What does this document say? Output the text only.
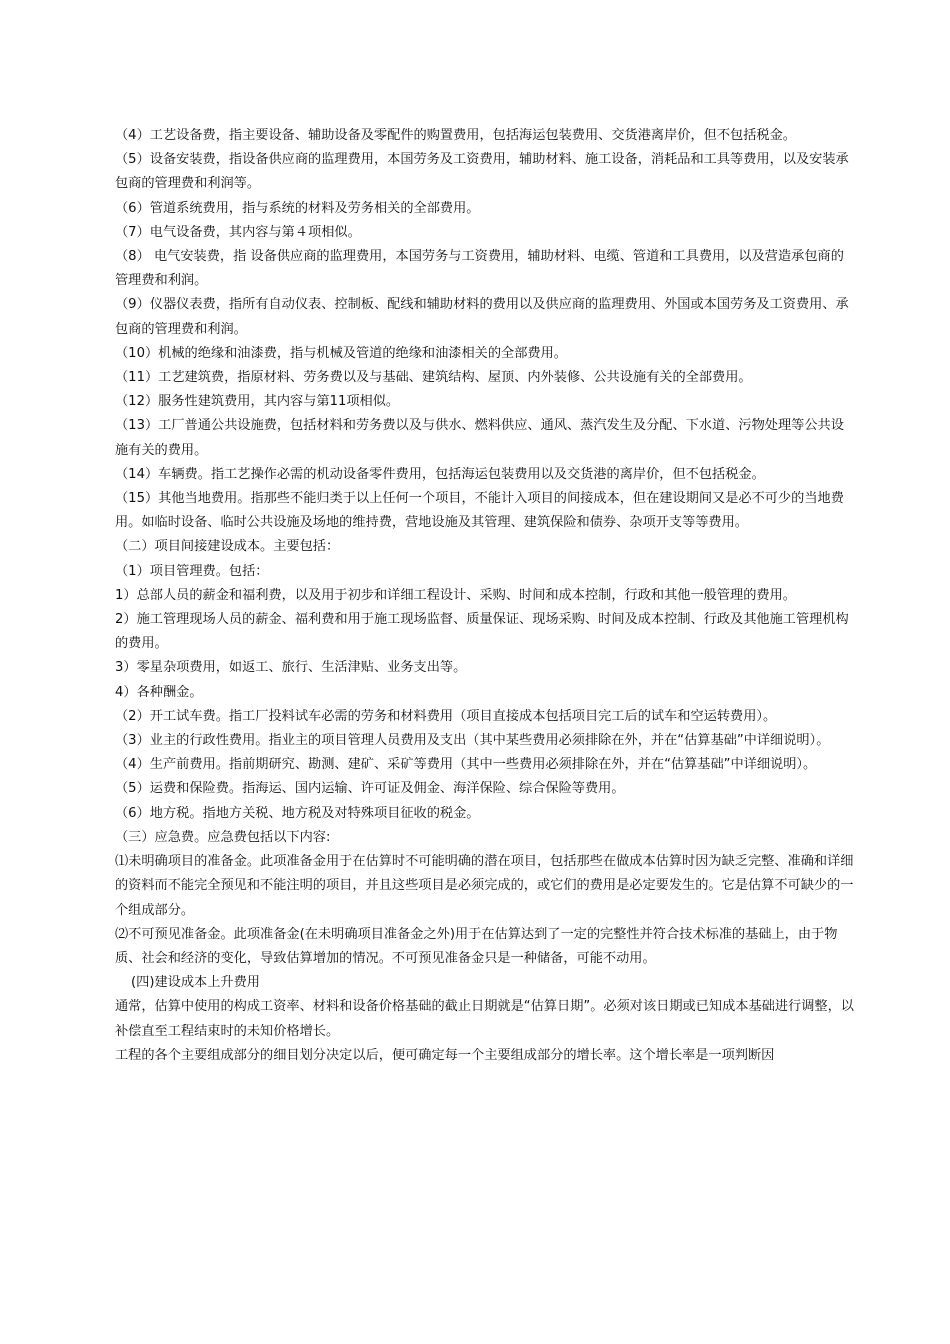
（4）工艺设备费，指主要设备、辅助设备及零配件的购置费用，包括海运包装费用、交货港离岸价，但不包括税金。

（5）设备安装费，指设备供应商的监理费用，本国劳务及工资费用，辅助材料、施工设备，消耗品和工具等费用，以及安装承包商的管理费和利润等。

（6）管道系统费用，指与系统的材料及劳务相关的全部费用。

（7）电气设备费，其内容与第４项相似。

（8） 电气安装费，指 设备供应商的监理费用，本国劳务与工资费用，辅助材料、电缆、管道和工具费用，以及营造承包商的管理费和利润。

（9）仪器仪表费，指所有自动仪表、控制板、配线和辅助材料的费用以及供应商的监理费用、外国或本国劳务及工资费用、承包商的管理费和利润。

（10）机械的绝缘和油漆费，指与机械及管道的绝缘和油漆相关的全部费用。

（11）工艺建筑费，指原材料、劳务费以及与基础、建筑结构、屋顶、内外装修、公共设施有关的全部费用。

（12）服务性建筑费用，其内容与第11项相似。

（13）工厂普通公共设施费，包括材料和劳务费以及与供水、燃料供应、通风、蒸汽发生及分配、下水道、污物处理等公共设施有关的费用。

（14）车辆费。指工艺操作必需的机动设备零件费用，包括海运包装费用以及交货港的离岸价，但不包括税金。

（15）其他当地费用。指那些不能归类于以上任何一个项目，不能计入项目的间接成本，但在建设期间又是必不可少的当地费用。如临时设备、临时公共设施及场地的维持费，营地设施及其管理、建筑保险和债券、杂项开支等等费用。

（二）项目间接建设成本。主要包括：

（1）项目管理费。包括：

1）总部人员的薪金和福利费，以及用于初步和详细工程设计、采购、时间和成本控制，行政和其他一般管理的费用。

2）施工管理现场人员的薪金、福利费和用于施工现场监督、质量保证、现场采购、时间及成本控制、行政及其他施工管理机构的费用。

3）零星杂项费用，如返工、旅行、生活津贴、业务支出等。

4）各种酬金。

（2）开工试车费。指工厂投料试车必需的劳务和材料费用（项目直接成本包括项目完工后的试车和空运转费用）。

（3）业主的行政性费用。指业主的项目管理人员费用及支出（其中某些费用必须排除在外，并在“估算基础”中详细说明）。

（4）生产前费用。指前期研究、勘测、建矿、采矿等费用（其中一些费用必须排除在外，并在“估算基础”中详细说明）。

（5）运费和保险费。指海运、国内运输、许可证及佣金、海洋保险、综合保险等费用。

（6）地方税。指地方关税、地方税及对特殊项目征收的税金。

（三）应急费。应急费包括以下内容:

⑴未明确项目的准备金。此项准备金用于在估算时不可能明确的潜在项目，包括那些在做成本估算时因为缺乏完整、准确和详细的资料而不能完全预见和不能注明的项目，并且这些项目是必须完成的，或它们的费用是必定要发生的。它是估算不可缺少的一个组成部分。

⑵不可预见准备金。此项准备金(在未明确项目准备金之外)用于在估算达到了一定的完整性并符合技术标准的基础上，由于物质、社会和经济的变化，导致估算增加的情况。不可预见准备金只是一种储备，可能不动用。

(四)建设成本上升费用

通常，估算中使用的构成工资率、材料和设备价格基础的截止日期就是“估算日期”。必须对该日期或已知成本基础进行调整，以补偿直至工程结束时的未知价格增长。

工程的各个主要组成部分的细目划分决定以后，便可确定每一个主要组成部分的增长率。这个增长率是一项判断因
